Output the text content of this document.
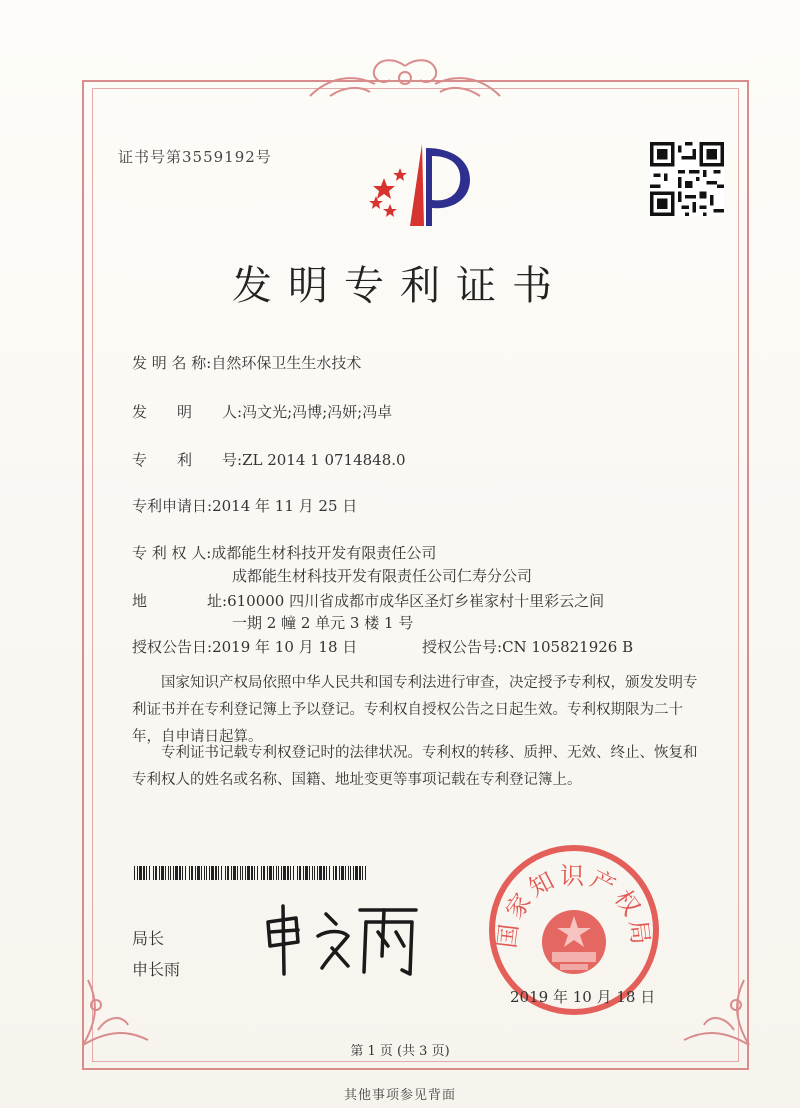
证书号第3559192号
发明专利证书
发 明 名 称:自然环保卫生生水技术
发　　明　　人:冯文光;冯博;冯妍;冯卓
专　　利　　号:ZL 2014 1 0714848.0
专利申请日:2014 年 11 月 25 日
专 利 权 人:成都能生材科技开发有限责任公司
成都能生材科技开发有限责任公司仁寿分公司
地　　　　址:610000 四川省成都市成华区圣灯乡崔家村十里彩云之间
一期 2 幢 2 单元 3 楼 1 号
授权公告日:2019 年 10 月 18 日	授权公告号:CN 105821926 B
国家知识产权局依照中华人民共和国专利法进行审查，决定授予专利权，颁发发明专利证书并在专利登记簿上予以登记。专利权自授权公告之日起生效。专利权期限为二十年，自申请日起算。
专利证书记载专利权登记时的法律状况。专利权的转移、质押、无效、终止、恢复和专利权人的姓名或名称、国籍、地址变更等事项记载在专利登记簿上。
局长
申长雨
国家知识产权局
2019 年 10 月 18 日
第 1 页 (共 3 页)
其他事项参见背面
